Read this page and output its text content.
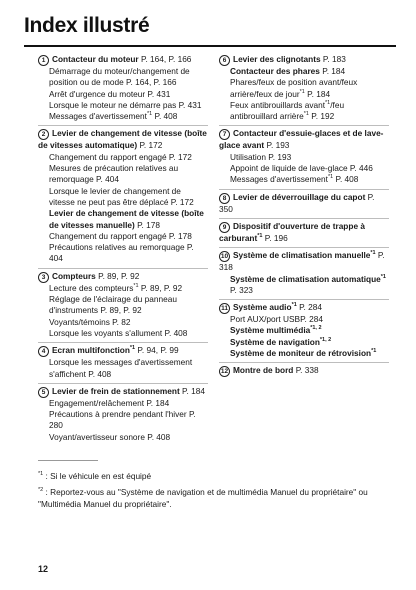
Index illustré
1 Contacteur du moteur P. 164, P. 166
Démarrage du moteur/changement de position ou de mode P. 164, P. 166
Arrêt d'urgence du moteur P. 431
Lorsque le moteur ne démarre pas P. 431
Messages d'avertissement$^{*1}$ P. 408
2 Levier de changement de vitesse (boîte de vitesses automatique) P. 172
Changement du rapport engagé P. 172
Mesures de précaution relatives au remorquage P. 404
Lorsque le levier de changement de vitesse ne peut pas être déplacé P. 172
Levier de changement de vitesse (boîte de vitesses manuelle) P. 178
Changement du rapport engagé P. 178
Précautions relatives au remorquage P. 404
3 Compteurs P. 89, P. 92
Lecture des compteurs$^{*1}$ P. 89, P. 92
Réglage de l'éclairage du panneau d'instruments P. 89, P. 92
Voyants/témoins P. 82
Lorsque les voyants s'allument P. 408
4 Ecran multifonction$^{*1}$ P. 94, P. 99
Lorsque les messages d'avertissement s'affichent P. 408
5 Levier de frein de stationnement P. 184
Engagement/relâchement P. 184
Précautions à prendre pendant l'hiver P. 280
Voyant/avertisseur sonore P. 408
6 Levier des clignotants P. 183
Contacteur des phares P. 184
Phares/feux de position avant/feux arrière/feux de jour$^{*1}$ P. 184
Feux antibrouillards avant$^{*1}$/feu antibrouillard arrière$^{*1}$ P. 192
7 Contacteur d'essuie-glaces et de lave-glace avant P. 193
Utilisation P. 193
Appoint de liquide de lave-glace P. 446
Messages d'avertissement$^{*1}$ P. 408
8 Levier de déverrouillage du capot P. 350
9 Dispositif d'ouverture de trappe à carburant$^{*1}$ P. 196
10 Système de climatisation manuelle$^{*1}$ P. 318
Système de climatisation automatique$^{*1}$ P. 323
11 Système audio$^{*1}$ P. 284
Port AUX/port USBP. 284
Système multimédia$^{*1, 2}$
Système de navigation$^{*1, 2}$
Système de moniteur de rétrovision$^{*1}$
12 Montre de bord P. 338
$^{*1}$ : Si le véhicule en est équipé
$^{*2}$ : Reportez-vous au "Système de navigation et de multimédia Manuel du propriétaire" ou "Multimédia Manuel du propriétaire".
12
